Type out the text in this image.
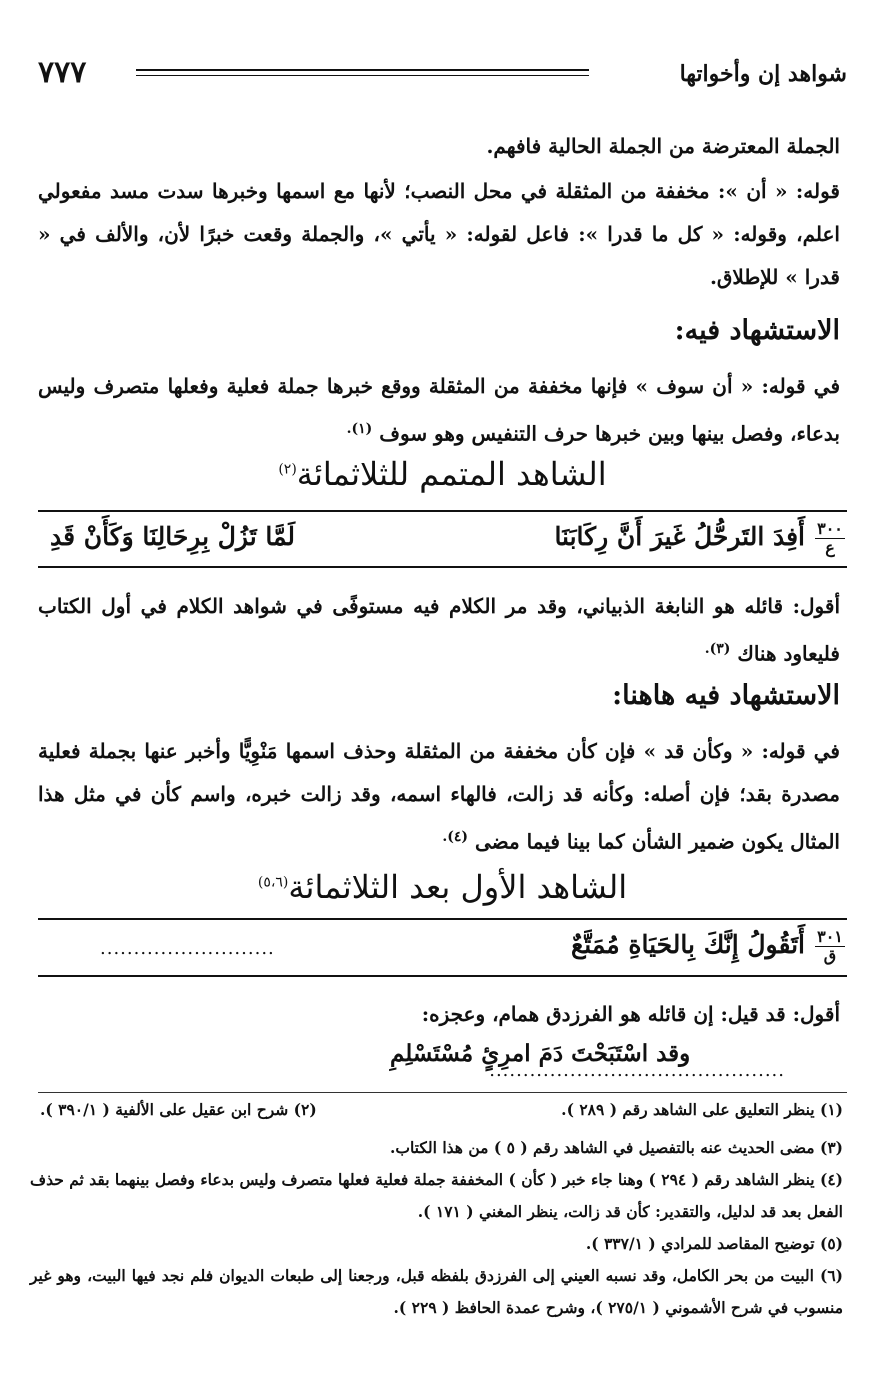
شواهد إن وأخواتها
٧٧٧

الجملة المعترضة من الجملة الحالية فافهم.

قوله: « أن »: مخففة من المثقلة في محل النصب؛ لأنها مع اسمها وخبرها سدت مسد مفعولي اعلم، وقوله: « كل ما قدرا »: فاعل لقوله: « يأتي »، والجملة وقعت خبرًا لأن، والألف في « قدرا » للإطلاق.

الاستشهاد فيه:

في قوله: « أن سوف » فإنها مخففة من المثقلة ووقع خبرها جملة فعلية وفعلها متصرف وليس بدعاء، وفصل بينها وبين خبرها حرف التنفيس وهو سوف $^{(١).}$

الشاهد المتمم للثلاثمائة$^{(٢)}$
٣٠٠
ع
أَفِدَ التَرحُّلُ غَيرَ أَنَّ رِكَابَنَا
لَمَّا تَزُلْ بِرِحَالِنَا وَكَأَنْ قَدِ

أقول: قائله هو النابغة الذبياني، وقد مر الكلام فيه مستوفًى في شواهد الكلام في أول الكتاب فليعاود هناك $^{(٣).}$

الاستشهاد فيه هاهنا:

في قوله: « وكأن قد » فإن كأن مخففة من المثقلة وحذف اسمها مَنْوِيًّا وأخبر عنها بجملة فعلية مصدرة بقد؛ فإن أصله: وكأنه قد زالت، فالهاء اسمه، وقد زالت خبره، واسم كأن في مثل هذا المثال يكون ضمير الشأن كما بينا فيما مضى $^{(٤).}$

الشاهد الأول بعد الثلاثمائة$^{(٥،٦)}$
٣٠١
ق
أَتَقُولُ إِنَّكَ بِالحَيَاةِ مُمَتَّعٌ
..........................

أقول: قد قيل: إن قائله هو الفرزدق همام، وعجزه:

وقد اسْتَبَحْتَ دَمَ امرِئٍ مُسْتَسْلِمِ
............................................
(١) ينظر التعليق على الشاهد رقم ( ٢٨٩ ).
(٢) شرح ابن عقيل على الألفية ( ٣٩٠/١ ).

(٣) مضى الحديث عنه بالتفصيل في الشاهد رقم ( ٥ ) من هذا الكتاب.

(٤) ينظر الشاهد رقم ( ٢٩٤ ) وهنا جاء خبر ( كأن ) المخففة جملة فعلية فعلها متصرف وليس بدعاء وفصل بينهما بقد ثم حذف الفعل بعد قد لدليل، والتقدير: كأن قد زالت، ينظر المغني ( ١٧١ ).

(٥) توضيح المقاصد للمرادي ( ٣٣٧/١ ).

(٦) البيت من بحر الكامل، وقد نسبه العيني إلى الفرزدق بلفظه قبل، ورجعنا إلى طبعات الديوان فلم نجد فيها البيت، وهو غير منسوب في شرح الأشموني ( ٢٧٥/١ )، وشرح عمدة الحافظ ( ٢٢٩ ).
